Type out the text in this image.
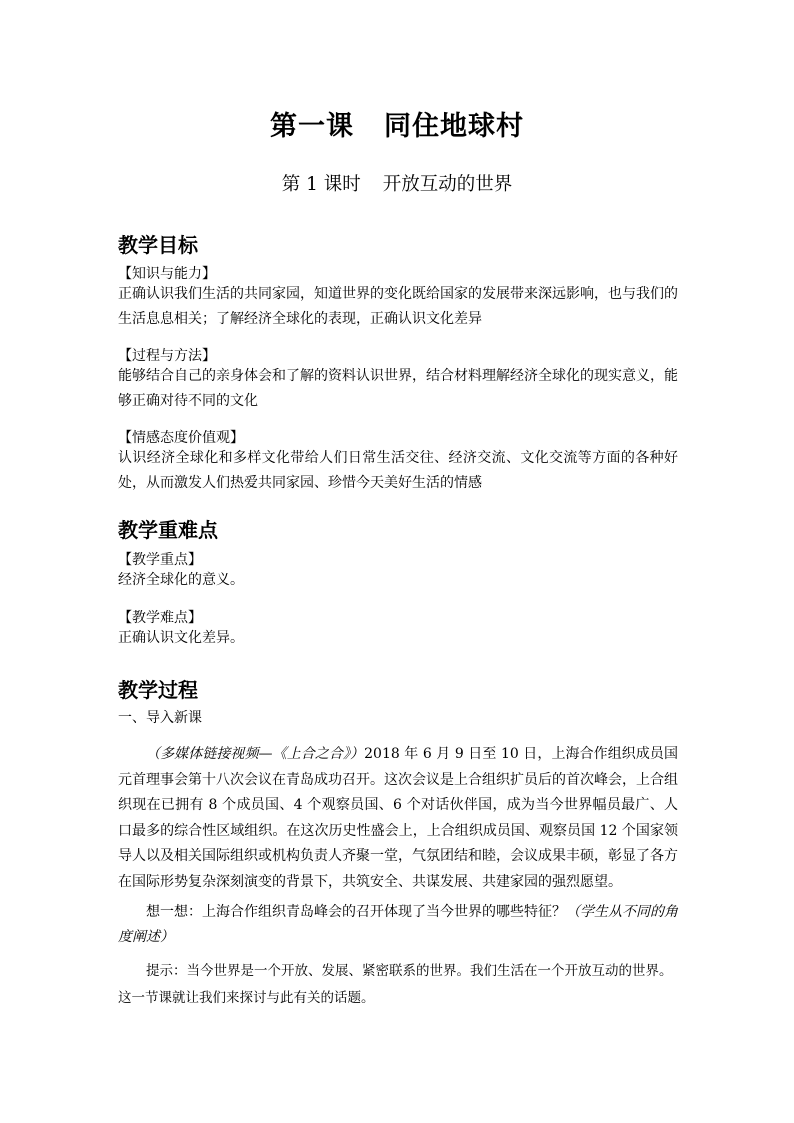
第一课 同住地球村
第 1 课时 开放互动的世界
教学目标
【知识与能力】
正确认识我们生活的共同家园，知道世界的变化既给国家的发展带来深远影响，也与我们的生活息息相关；了解经济全球化的表现，正确认识文化差异
【过程与方法】
能够结合自己的亲身体会和了解的资料认识世界，结合材料理解经济全球化的现实意义，能够正确对待不同的文化
【情感态度价值观】
认识经济全球化和多样文化带给人们日常生活交往、经济交流、文化交流等方面的各种好处，从而激发人们热爱共同家园、珍惜今天美好生活的情感
教学重难点
【教学重点】
经济全球化的意义。
【教学难点】
正确认识文化差异。
教学过程
一、导入新课
（多媒体链接视频—《上合之合》）2018 年 6 月 9 日至 10 日，上海合作组织成员国元首理事会第十八次会议在青岛成功召开。这次会议是上合组织扩员后的首次峰会，上合组织现在已拥有 8 个成员国、4 个观察员国、6 个对话伙伴国，成为当今世界幅员最广、人口最多的综合性区域组织。在这次历史性盛会上，上合组织成员国、观察员国 12 个国家领导人以及相关国际组织或机构负责人齐聚一堂，气氛团结和睦，会议成果丰硕，彰显了各方在国际形势复杂深刻演变的背景下，共筑安全、共谋发展、共建家园的强烈愿望。
想一想：上海合作组织青岛峰会的召开体现了当今世界的哪些特征？（学生从不同的角度阐述）
提示：当今世界是一个开放、发展、紧密联系的世界。我们生活在一个开放互动的世界。这一节课就让我们来探讨与此有关的话题。
